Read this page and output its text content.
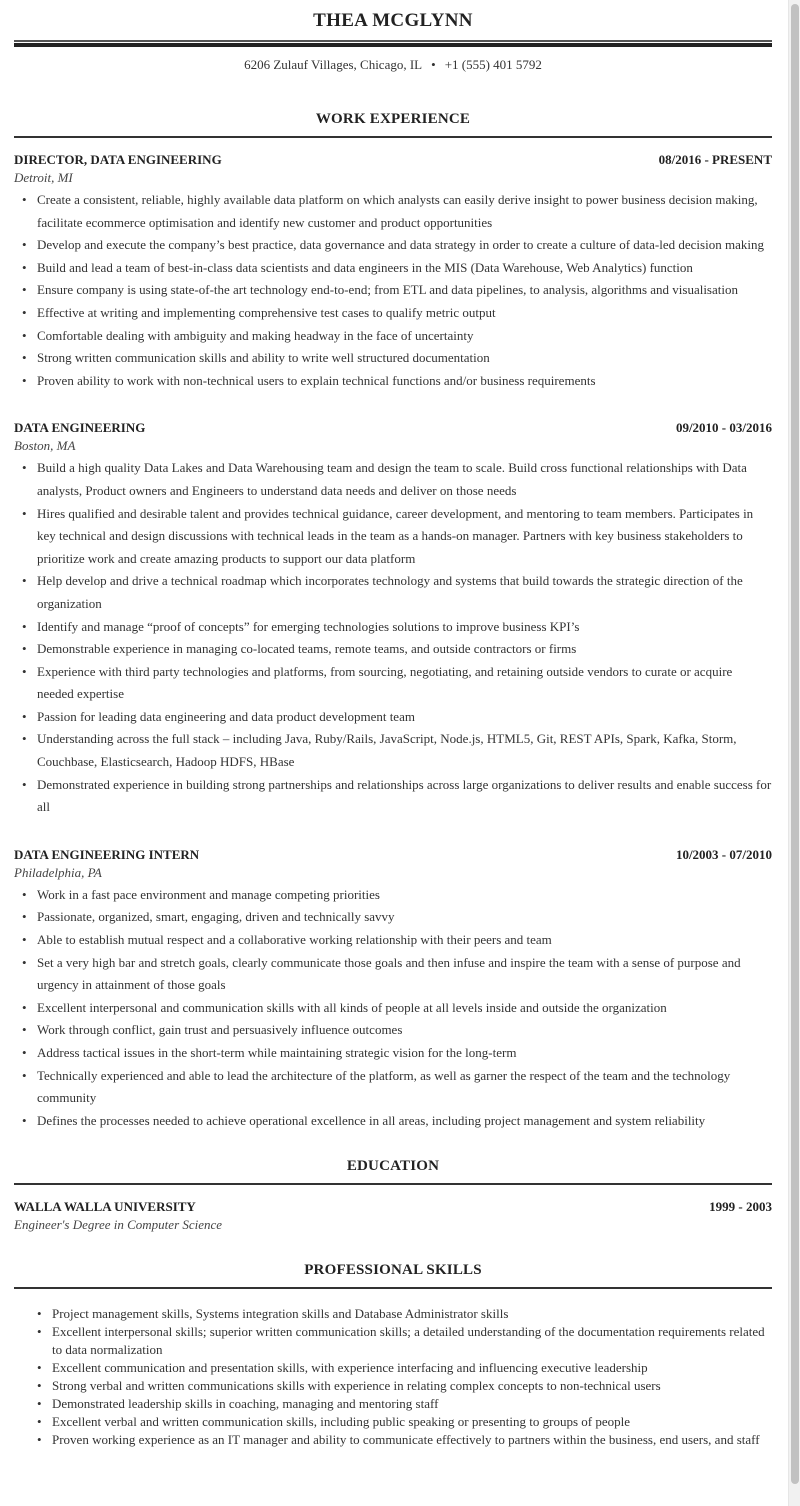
THEA MCGLYNN
6206 Zulauf Villages, Chicago, IL • +1 (555) 401 5792
WORK EXPERIENCE
DIRECTOR, DATA ENGINEERING	08/2016 - PRESENT
Detroit, MI
• Create a consistent, reliable, highly available data platform on which analysts can easily derive insight to power business decision making, facilitate ecommerce optimisation and identify new customer and product opportunities
• Develop and execute the company’s best practice, data governance and data strategy in order to create a culture of data-led decision making
• Build and lead a team of best-in-class data scientists and data engineers in the MIS (Data Warehouse, Web Analytics) function
• Ensure company is using state-of-the art technology end-to-end; from ETL and data pipelines, to analysis, algorithms and visualisation
• Effective at writing and implementing comprehensive test cases to qualify metric output
• Comfortable dealing with ambiguity and making headway in the face of uncertainty
• Strong written communication skills and ability to write well structured documentation
• Proven ability to work with non-technical users to explain technical functions and/or business requirements
DATA ENGINEERING	09/2010 - 03/2016
Boston, MA
• Build a high quality Data Lakes and Data Warehousing team and design the team to scale. Build cross functional relationships with Data analysts, Product owners and Engineers to understand data needs and deliver on those needs
• Hires qualified and desirable talent and provides technical guidance, career development, and mentoring to team members. Participates in key technical and design discussions with technical leads in the team as a hands-on manager. Partners with key business stakeholders to prioritize work and create amazing products to support our data platform
• Help develop and drive a technical roadmap which incorporates technology and systems that build towards the strategic direction of the organization
• Identify and manage “proof of concepts” for emerging technologies solutions to improve business KPI’s
• Demonstrable experience in managing co-located teams, remote teams, and outside contractors or firms
• Experience with third party technologies and platforms, from sourcing, negotiating, and retaining outside vendors to curate or acquire needed expertise
• Passion for leading data engineering and data product development team
• Understanding across the full stack – including Java, Ruby/Rails, JavaScript, Node.js, HTML5, Git, REST APIs, Spark, Kafka, Storm, Couchbase, Elasticsearch, Hadoop HDFS, HBase
• Demonstrated experience in building strong partnerships and relationships across large organizations to deliver results and enable success for all
DATA ENGINEERING INTERN	10/2003 - 07/2010
Philadelphia, PA
• Work in a fast pace environment and manage competing priorities
• Passionate, organized, smart, engaging, driven and technically savvy
• Able to establish mutual respect and a collaborative working relationship with their peers and team
• Set a very high bar and stretch goals, clearly communicate those goals and then infuse and inspire the team with a sense of purpose and urgency in attainment of those goals
• Excellent interpersonal and communication skills with all kinds of people at all levels inside and outside the organization
• Work through conflict, gain trust and persuasively influence outcomes
• Address tactical issues in the short-term while maintaining strategic vision for the long-term
• Technically experienced and able to lead the architecture of the platform, as well as garner the respect of the team and the technology community
• Defines the processes needed to achieve operational excellence in all areas, including project management and system reliability
EDUCATION
WALLA WALLA UNIVERSITY	1999 - 2003
Engineer's Degree in Computer Science
PROFESSIONAL SKILLS
• Project management skills, Systems integration skills and Database Administrator skills
• Excellent interpersonal skills; superior written communication skills; a detailed understanding of the documentation requirements related to data normalization
• Excellent communication and presentation skills, with experience interfacing and influencing executive leadership
• Strong verbal and written communications skills with experience in relating complex concepts to non-technical users
• Demonstrated leadership skills in coaching, managing and mentoring staff
• Excellent verbal and written communication skills, including public speaking or presenting to groups of people
• Proven working experience as an IT manager and ability to communicate effectively to partners within the business, end users, and staff
